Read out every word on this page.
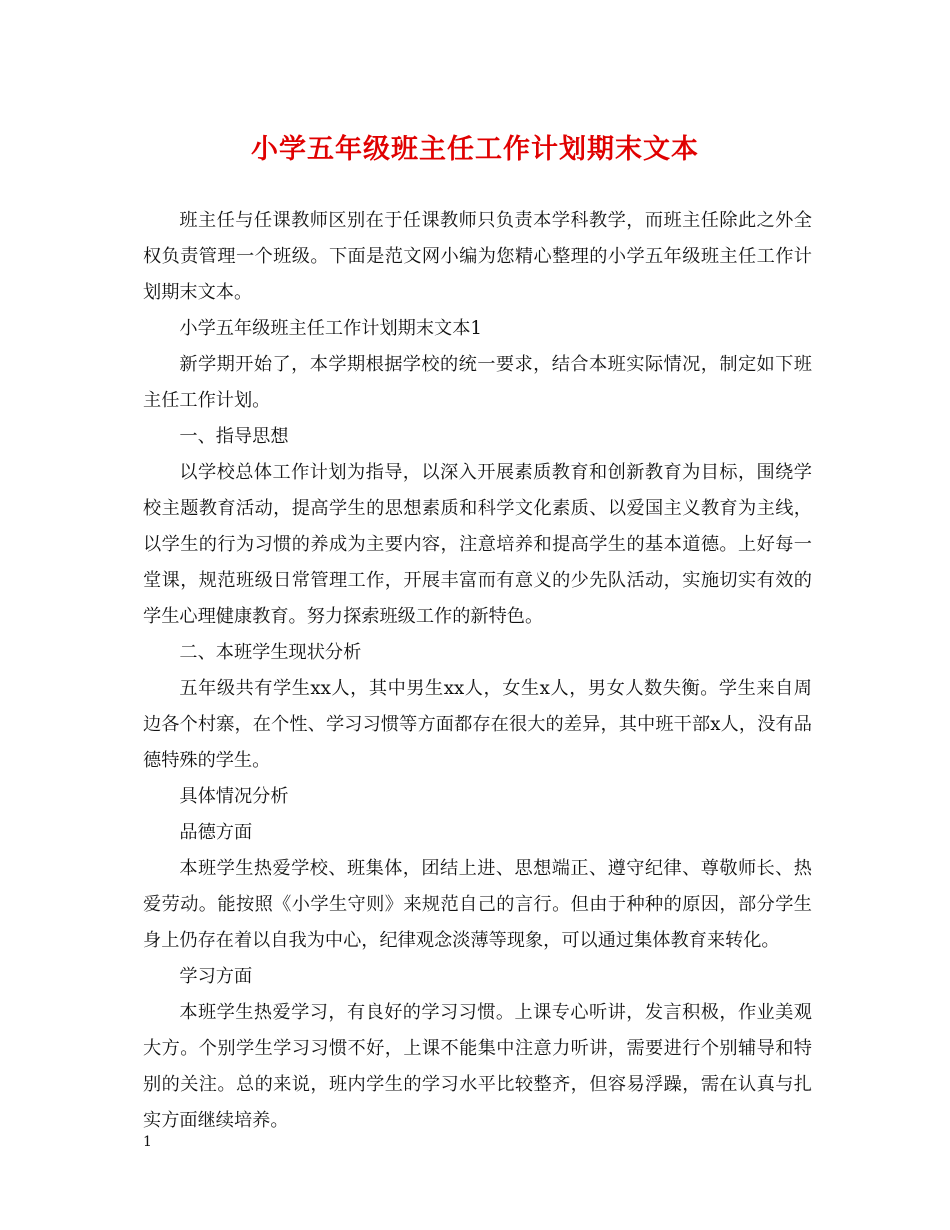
小学五年级班主任工作计划期末文本

班主任与任课教师区别在于任课教师只负责本学科教学，而班主任除此之外全权负责管理一个班级。下面是范文网小编为您精心整理的小学五年级班主任工作计划期末文本。

小学五年级班主任工作计划期末文本1

新学期开始了，本学期根据学校的统一要求，结合本班实际情况，制定如下班主任工作计划。

一、指导思想

以学校总体工作计划为指导，以深入开展素质教育和创新教育为目标，围绕学校主题教育活动，提高学生的思想素质和科学文化素质、以爱国主义教育为主线，以学生的行为习惯的养成为主要内容，注意培养和提高学生的基本道德。上好每一堂课，规范班级日常管理工作，开展丰富而有意义的少先队活动，实施切实有效的学生心理健康教育。努力探索班级工作的新特色。

二、本班学生现状分析

五年级共有学生xx人，其中男生xx人，女生x人，男女人数失衡。学生来自周边各个村寨，在个性、学习习惯等方面都存在很大的差异，其中班干部x人，没有品德特殊的学生。

具体情况分析

品德方面

本班学生热爱学校、班集体，团结上进、思想端正、遵守纪律、尊敬师长、热爱劳动。能按照《小学生守则》来规范自己的言行。但由于种种的原因，部分学生身上仍存在着以自我为中心，纪律观念淡薄等现象，可以通过集体教育来转化。

学习方面

本班学生热爱学习，有良好的学习习惯。上课专心听讲，发言积极，作业美观大方。个别学生学习习惯不好，上课不能集中注意力听讲，需要进行个别辅导和特别的关注。总的来说，班内学生的学习水平比较整齐，但容易浮躁，需在认真与扎实方面继续培养。

1
